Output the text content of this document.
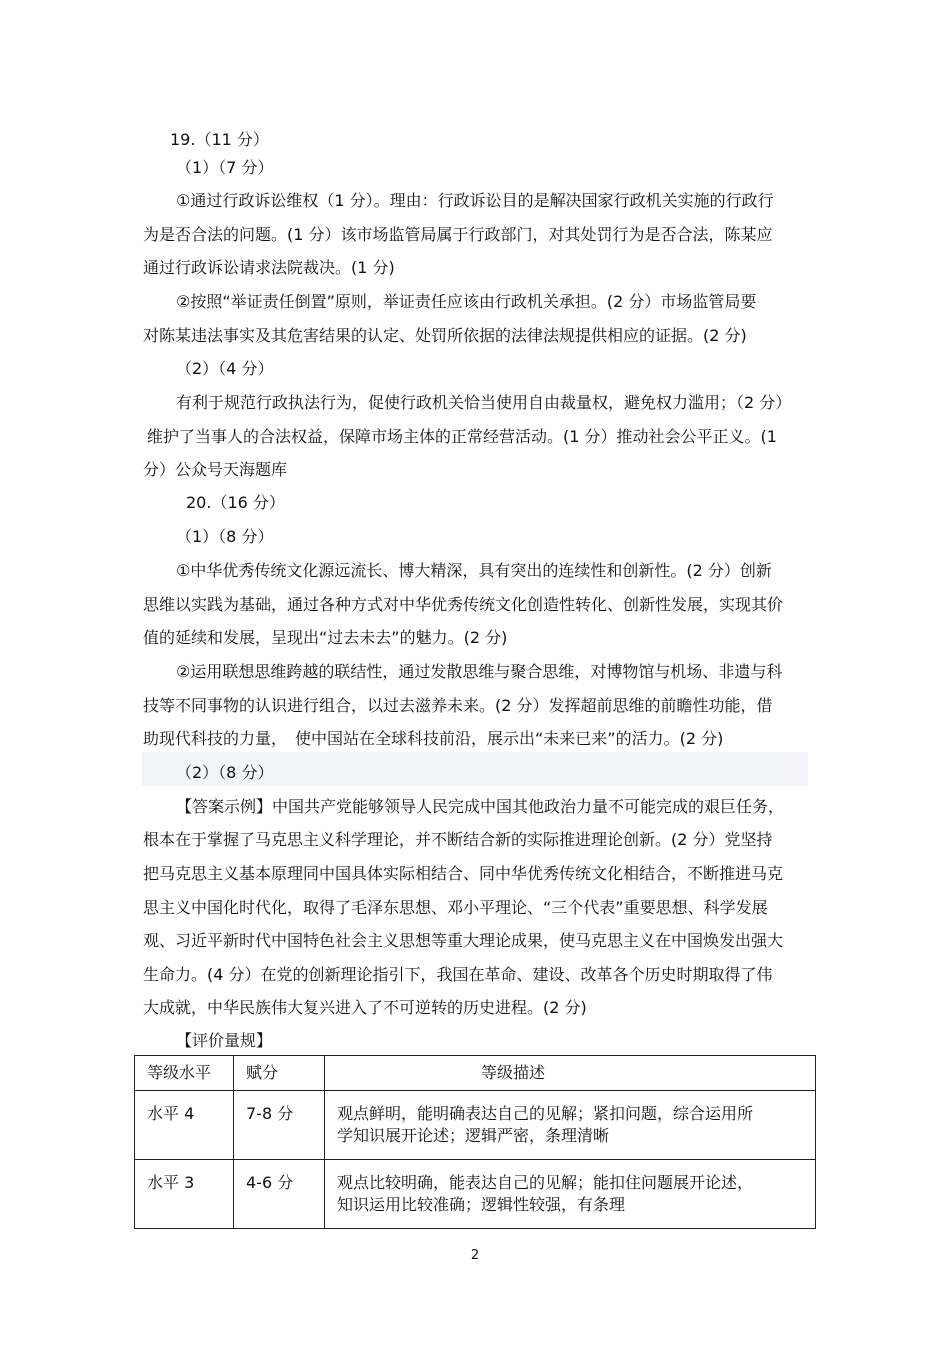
19.（11 分）
（1）（7 分）
①通过行政诉讼维权（1 分）。理由：行政诉讼目的是解决国家行政机关实施的行政行
为是否合法的问题。(1 分）该市场监管局属于行政部门，对其处罚行为是否合法，陈某应
通过行政诉讼请求法院裁决。(1 分)
②按照“举证责任倒置”原则，举证责任应该由行政机关承担。(2 分）市场监管局要
对陈某违法事实及其危害结果的认定、处罚所依据的法律法规提供相应的证据。(2 分)
（2）（4 分）
有利于规范行政执法行为，促使行政机关恰当使用自由裁量权，避免权力滥用；（2 分）
维护了当事人的合法权益，保障市场主体的正常经营活动。(1 分）推动社会公平正义。(1
分）公众号天海题库
20.（16 分）
（1）（8 分）
①中华优秀传统文化源远流长、博大精深，具有突出的连续性和创新性。(2 分）创新
思维以实践为基础，通过各种方式对中华优秀传统文化创造性转化、创新性发展，实现其价
值的延续和发展，呈现出“过去未去”的魅力。(2 分)
②运用联想思维跨越的联结性，通过发散思维与聚合思维，对博物馆与机场、非遗与科
技等不同事物的认识进行组合，以过去滋养未来。(2 分）发挥超前思维的前瞻性功能，借
助现代科技的力量，　使中国站在全球科技前沿，展示出“未来已来”的活力。(2 分)
（2）（8 分）
【答案示例】中国共产党能够领导人民完成中国其他政治力量不可能完成的艰巨任务，
根本在于掌握了马克思主义科学理论，并不断结合新的实际推进理论创新。(2 分）党坚持
把马克思主义基本原理同中国具体实际相结合、同中华优秀传统文化相结合，不断推进马克
思主义中国化时代化，取得了毛泽东思想、邓小平理论、“三个代表”重要思想、科学发展
观、习近平新时代中国特色社会主义思想等重大理论成果，使马克思主义在中国焕发出强大
生命力。(4 分）在党的创新理论指引下，我国在革命、建设、改革各个历史时期取得了伟
大成就，中华民族伟大复兴进入了不可逆转的历史进程。(2 分)
【评价量规】
等级水平	赋分	等级描述

水平 4	7-8 分	观点鲜明，能明确表达自己的见解；紧扣问题，综合运用所
学知识展开论述；逻辑严密，条理清晰

水平 3	4-6 分	观点比较明确，能表达自己的见解；能扣住问题展开论述，
知识运用比较准确；逻辑性较强，有条理
2
